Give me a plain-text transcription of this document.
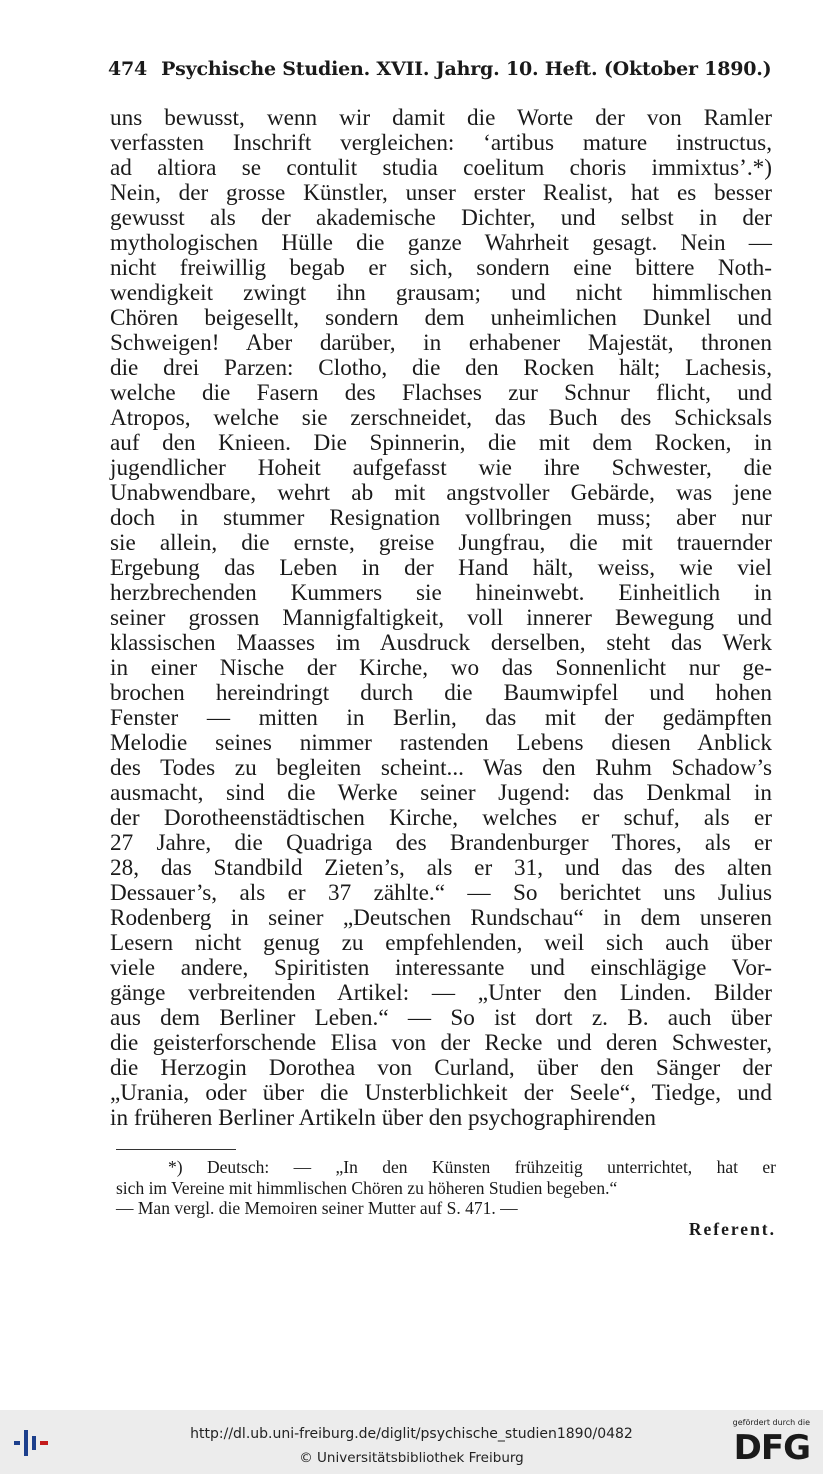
474 Psychische Studien. XVII. Jahrg. 10. Heft. (Oktober 1890.)
uns bewusst, wenn wir damit die Worte der von Ramler
verfassten Inschrift vergleichen: ‘artibus mature instructus,
ad altiora se contulit studia coelitum choris immixtus’.*)
Nein, der grosse Künstler, unser erster Realist, hat es besser
gewusst als der akademische Dichter, und selbst in der
mythologischen Hülle die ganze Wahrheit gesagt. Nein —
nicht freiwillig begab er sich, sondern eine bittere Noth-
wendigkeit zwingt ihn grausam; und nicht himmlischen
Chören beigesellt, sondern dem unheimlichen Dunkel und
Schweigen! Aber darüber, in erhabener Majestät, thronen
die drei Parzen: Clotho, die den Rocken hält; Lachesis,
welche die Fasern des Flachses zur Schnur flicht, und
Atropos, welche sie zerschneidet, das Buch des Schicksals
auf den Knieen. Die Spinnerin, die mit dem Rocken, in
jugendlicher Hoheit aufgefasst wie ihre Schwester, die
Unabwendbare, wehrt ab mit angstvoller Gebärde, was jene
doch in stummer Resignation vollbringen muss; aber nur
sie allein, die ernste, greise Jungfrau, die mit trauernder
Ergebung das Leben in der Hand hält, weiss, wie viel
herzbrechenden Kummers sie hineinwebt. Einheitlich in
seiner grossen Mannigfaltigkeit, voll innerer Bewegung und
klassischen Maasses im Ausdruck derselben, steht das Werk
in einer Nische der Kirche, wo das Sonnenlicht nur ge-
brochen hereindringt durch die Baumwipfel und hohen
Fenster — mitten in Berlin, das mit der gedämpften
Melodie seines nimmer rastenden Lebens diesen Anblick
des Todes zu begleiten scheint... Was den Ruhm Schadow’s
ausmacht, sind die Werke seiner Jugend: das Denkmal in
der Dorotheenstädtischen Kirche, welches er schuf, als er
27 Jahre, die Quadriga des Brandenburger Thores, als er
28, das Standbild Zieten’s, als er 31, und das des alten
Dessauer’s, als er 37 zählte.“ — So berichtet uns Julius
Rodenberg in seiner „Deutschen Rundschau“ in dem unseren
Lesern nicht genug zu empfehlenden, weil sich auch über
viele andere, Spiritisten interessante und einschlägige Vor-
gänge verbreitenden Artikel: — „Unter den Linden. Bilder
aus dem Berliner Leben.“ — So ist dort z. B. auch über
die geisterforschende Elisa von der Recke und deren Schwester,
die Herzogin Dorothea von Curland, über den Sänger der
„Urania, oder über die Unsterblichkeit der Seele“, Tiedge, und
in früheren Berliner Artikeln über den psychographirenden
*) Deutsch: — „In den Künsten frühzeitig unterrichtet, hat er
sich im Vereine mit himmlischen Chören zu höheren Studien begeben.“
— Man vergl. die Memoiren seiner Mutter auf S. 471. —
Referent.
http://dl.ub.uni-freiburg.de/diglit/psychische_studien1890/0482
© Universitätsbibliothek Freiburg
gefördert durch die
DFG
